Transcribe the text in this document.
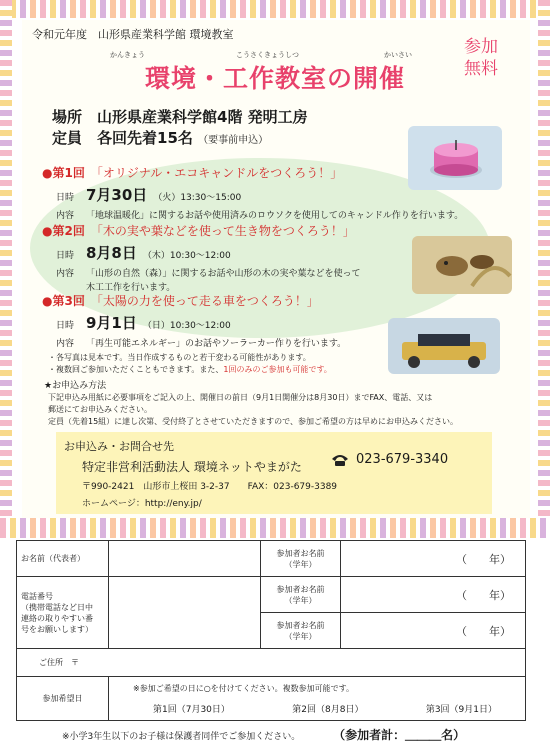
令和元年度　山形県産業科学館 環境教室
参加
無料
かんきょう	こうさくきょうしつ	かいさい
環境・工作教室の開催
場所　山形県産業科学館4階 発明工房
定員　各回先着15名 （要事前申込）
●第1回　 「オリジナル・エコキャンドルをつくろう！」
日時 7月30日 （火）13:30～15:00
内容	「地球温暖化」に関するお話や使用済みのロウソクを使用してのキャンドル作りを行います。
●第2回　 「木の実や葉などを使って生き物をつくろう！」
日時 8月8日 （木）10:30～12:00
内容	「山形の自然（森）」に関するお話や山形の木の実や葉などを使って
木工工作を行います。
●第3回　 「太陽の力を使って走る車をつくろう！」
日時 9月1日 （日）10:30～12:00
内容	「再生可能エネルギー」のお話やソーラーカー作りを行います。
・各写真は見本です。当日作成するものと若干変わる可能性があります。
・複数回ご参加いただくこともできます。また、1回のみのご参加も可能です。
★お申込み方法
下記申込み用紙に必要事項をご記入の上、開催日の前日（9月1日開催分は8月30日）までFAX、電話、又は
郵送にてお申込みください。
定員（先着15組）に達し次第、受付終了とさせていただきますので、参加ご希望の方は早めにお申込みください。
お申込み・お問合せ先
特定非営利活動法人 環境ネットやまがた	023-679-3340
〒990-2421　山形市上桜田 3-2-37　　FAX：023-679-3389
ホームページ：http://eny.jp/
お名前（代表者）		参加者お名前
（学年）	（　　年）
電話番号
（携帯電話など日中
連絡の取りやすい番
号をお願いします）		参加者お名前
（学年）	（　　年）
		参加者お名前
（学年）	（　　年）
ご住所　〒			
参加希望日	※参加ご希望の日に○を付けてください。複数参加可能です。
第1回（7月30日） 第2回（8月8日） 第3回（9月1日）		
※小学3年生以下のお子様は保護者同伴でご参加ください。	（参加者計：＿＿＿名）
